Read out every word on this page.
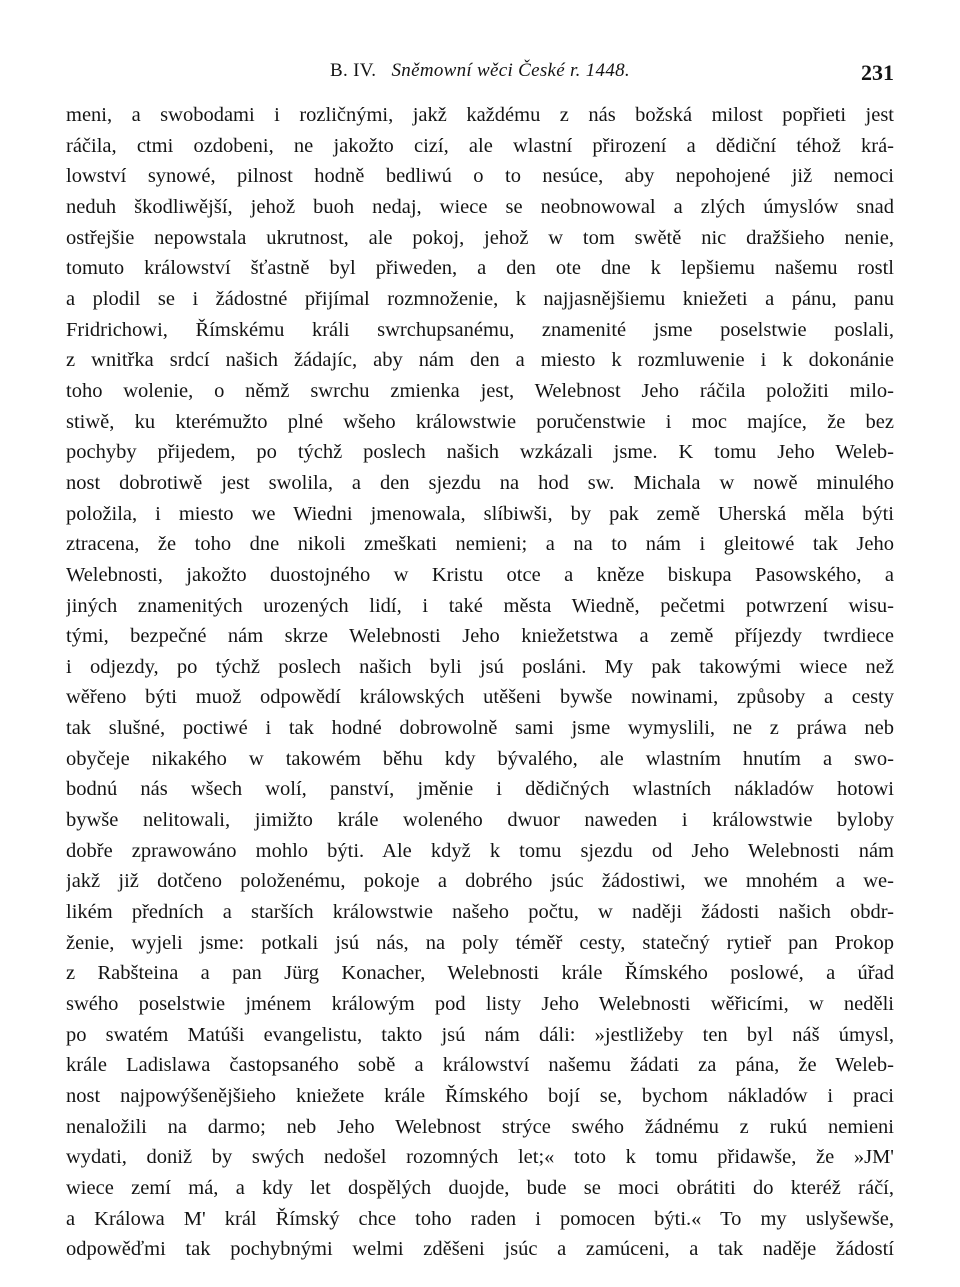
B. IV. Sněmowní wěci České r. 1448.	231
meni, a swobodami i rozličnými, jakž každému z nás božská milost popřieti jest
ráčila, ctmi ozdobeni, ne jakožto cizí, ale wlastní přirození a dědiční téhož krá-
lowství synowé, pilnost hodně bedliwú o to nesúce, aby nepohojené již nemoci
neduh škodliwější, jehož buoh nedaj, wiece se neobnowowal a zlých úmyslów snad
ostřejšie nepowstala ukrutnost, ale pokoj, jehož w tom swětě nic dražšieho nenie,
tomuto králowství šťastně byl přiweden, a den ote dne k lepšiemu našemu rostl
a plodil se i žádostné přijímal rozmnoženie, k najjasnějšiemu kniežeti a pánu, panu
Fridrichowi, Římskému králi swrchupsanému, znamenité jsme poselstwie poslali,
z wnitřka srdcí našich žádajíc, aby nám den a miesto k rozmluwenie i k dokonánie
toho wolenie, o němž swrchu zmienka jest, Welebnost Jeho ráčila položiti milo-
stiwě, ku kterémužto plné wšeho králowstwie poručenstwie i moc majíce, že bez
pochyby přijedem, po týchž poslech našich wzkázali jsme. K tomu Jeho Weleb-
nost dobrotiwě jest swolila, a den sjezdu na hod sw. Michala w nowě minulého
položila, i miesto we Wiedni jmenowala, slíbiwši, by pak země Uherská měla býti
ztracena, že toho dne nikoli zmeškati nemieni; a na to nám i gleitowé tak Jeho
Welebnosti, jakožto duostojného w Kristu otce a kněze biskupa Pasowského, a
jiných znamenitých urozených lidí, i také města Wiedně, pečetmi potwrzení wisu-
tými, bezpečné nám skrze Welebnosti Jeho kniežetstwa a země příjezdy twrdiece
i odjezdy, po týchž poslech našich byli jsú posláni. My pak takowými wiece než
wěřeno býti muož odpowědí králowských utěšeni bywše nowinami, způsoby a cesty
tak slušné, poctiwé i tak hodné dobrowolně sami jsme wymyslili, ne z práwa neb
obyčeje nikakého w takowém běhu kdy bývalého, ale wlastním hnutím a swo-
bodnú nás wšech wolí, panství, jměnie i dědičných wlastních nákladów hotowi
bywše nelitowali, jimižto krále woleného dwuor naweden i králowstwie byloby
dobře zprawowáno mohlo býti. Ale když k tomu sjezdu od Jeho Welebnosti nám
jakž již dotčeno položenému, pokoje a dobrého jsúc žádostiwi, we mnohém a we-
likém předních a starších králowstwie našeho počtu, w naději žádosti našich obdr-
ženie, wyjeli jsme: potkali jsú nás, na poly téměř cesty, statečný rytieř pan Prokop
z Rabšteina a pan Jürg Konacher, Welebnosti krále Římského poslowé, a úřad
swého poselstwie jménem králowým pod listy Jeho Welebnosti wěřicími, w neděli
po swatém Matúši evangelistu, takto jsú nám dáli: »jestližeby ten byl náš úmysl,
krále Ladislawa častopsaného sobě a králowství našemu žádati za pána, že Weleb-
nost najpowýšenějšieho kniežete krále Římského bojí se, bychom nákladów i praci
nenaložili na darmo; neb Jeho Welebnost strýce swého žádnému z rukú nemieni
wydati, doniž by swých nedošel rozomných let;« toto k tomu přidawše, že »JM'
wiece zemí má, a kdy let dospělých duojde, bude se moci obrátiti do kteréž ráčí,
a Králowa M' král Římský chce toho raden i pomocen býti.« To my uslyšewše,
odpowěďmi tak pochybnými welmi zděšeni jsúc a zamúceni, a tak naděje žádostí
